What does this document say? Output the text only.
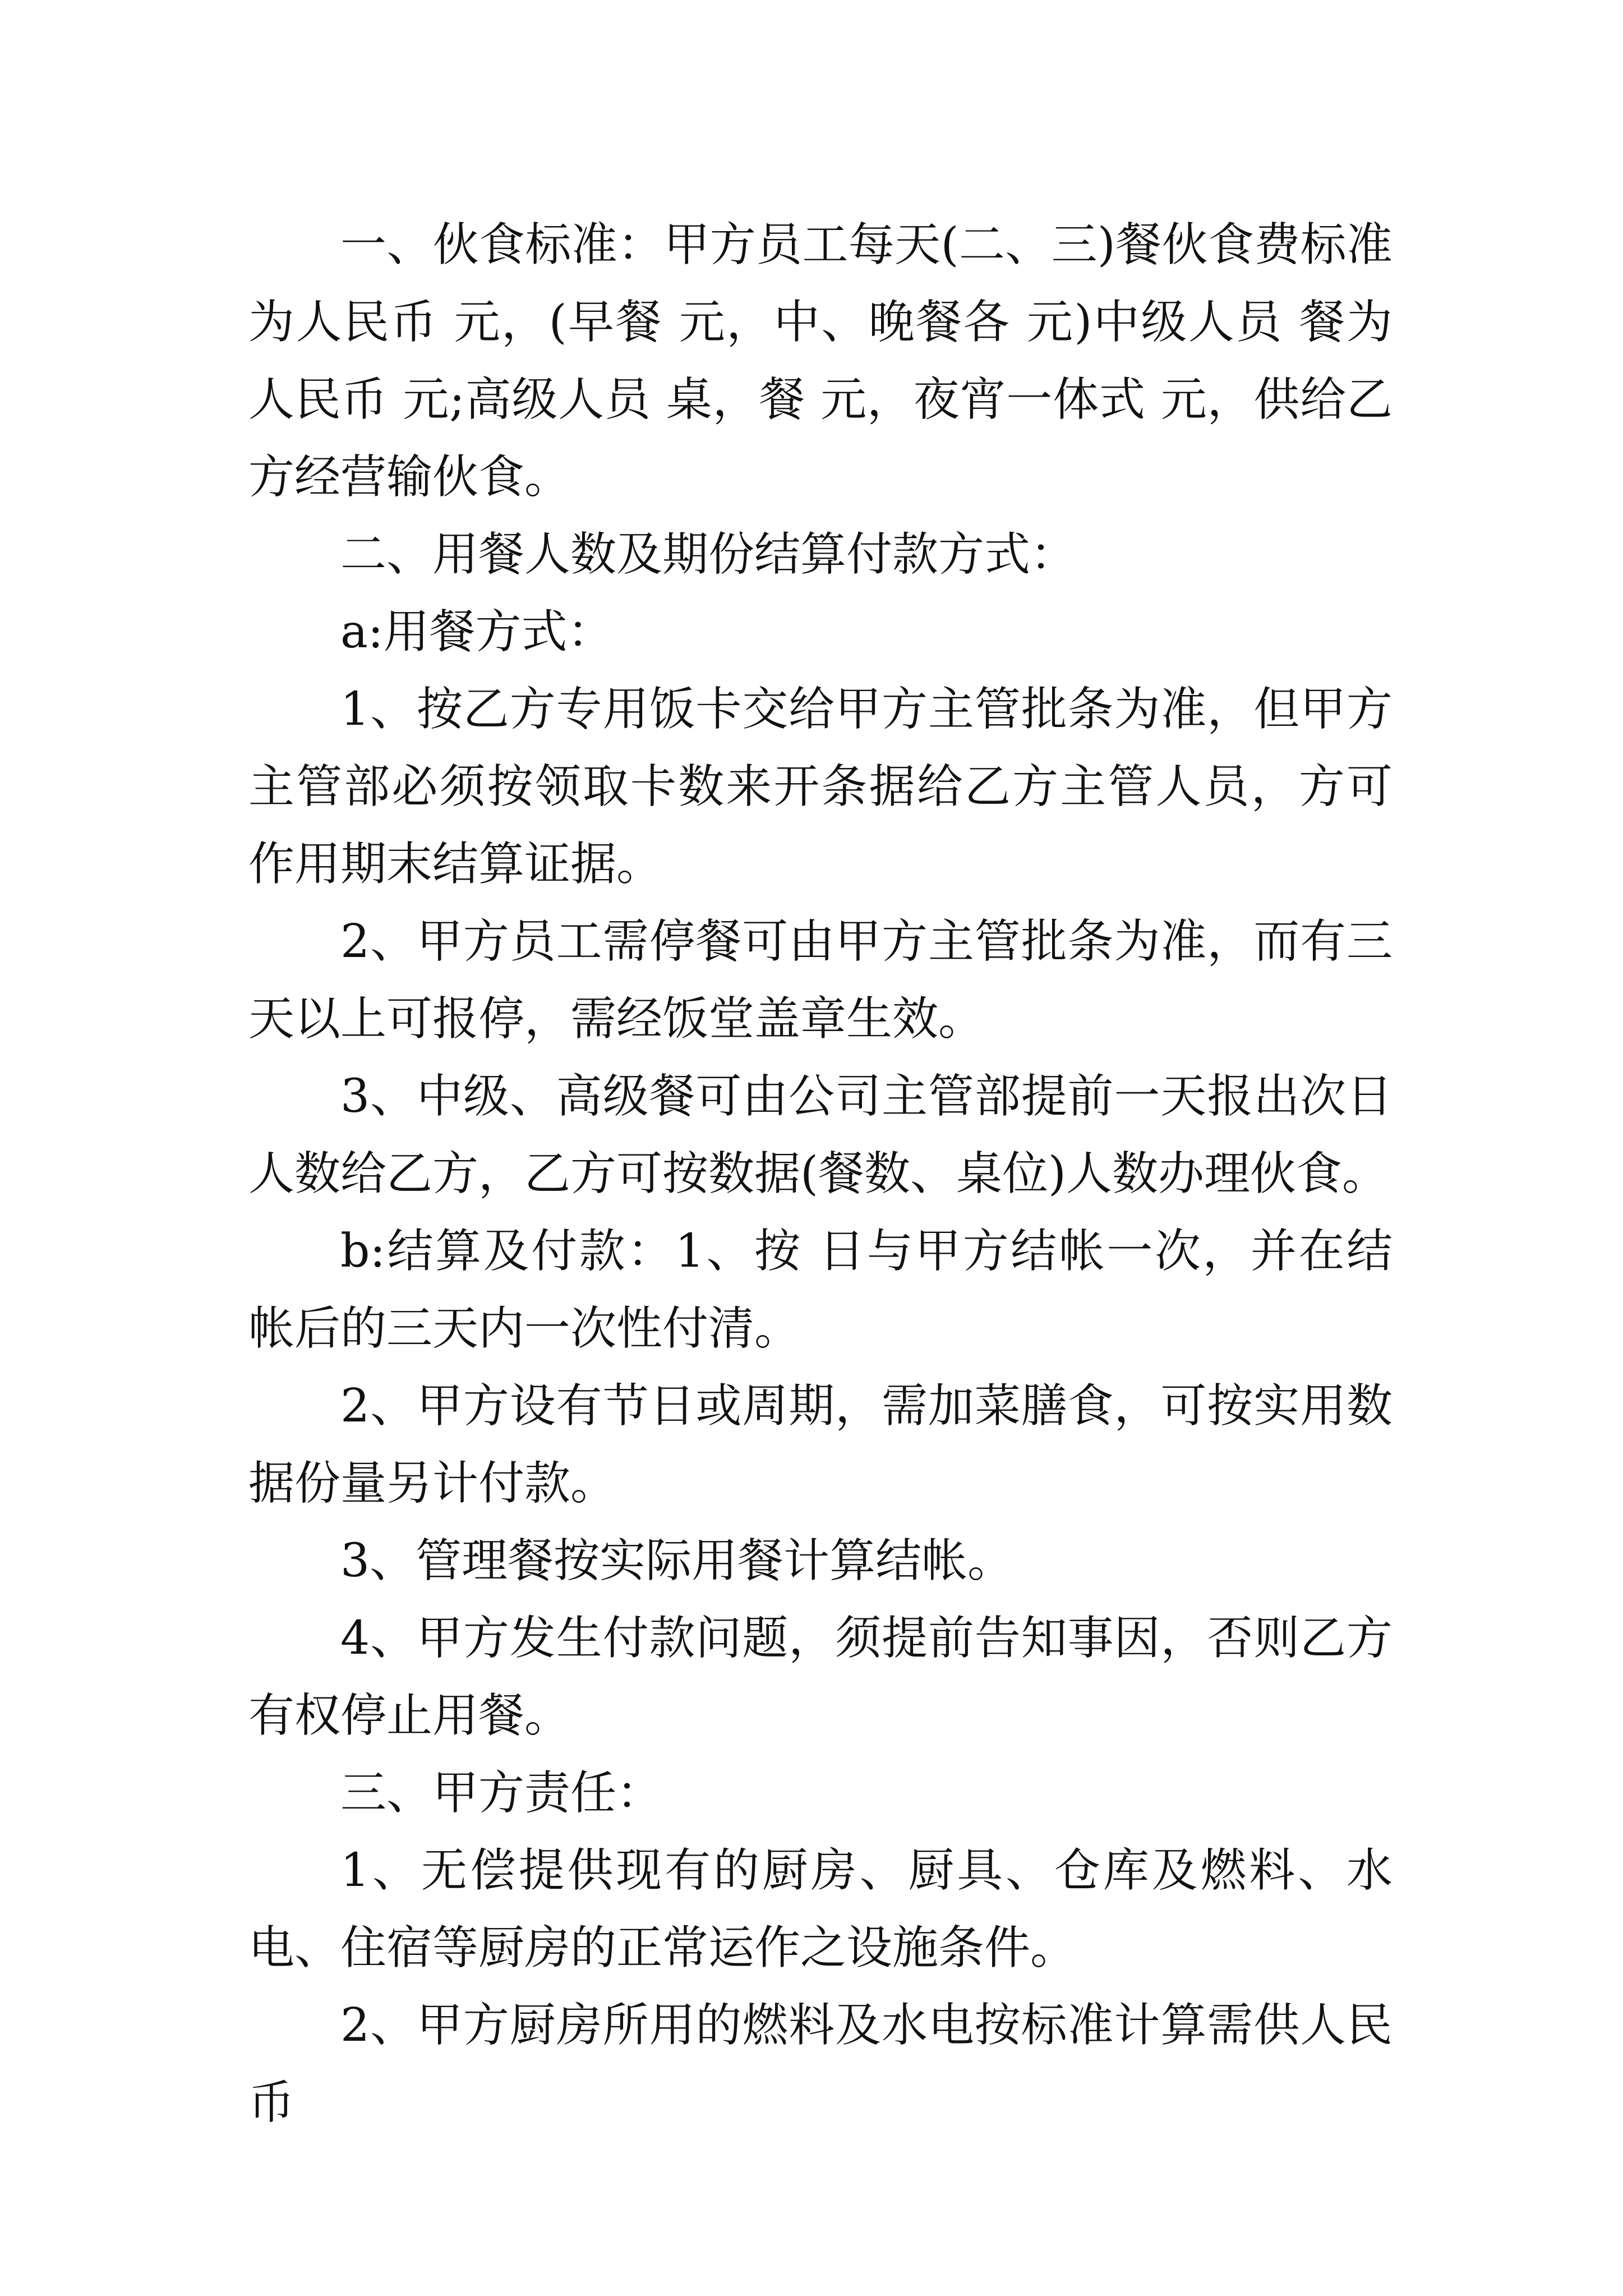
一、伙食标准：甲方员工每天(二、三)餐伙食费标准为人民币 元，(早餐 元，中、晚餐各 元)中级人员 餐为人民币 元;高级人员 桌，餐 元，夜宵一体式 元，供给乙方经营输伙食。

二、用餐人数及期份结算付款方式：

a:用餐方式：

1、按乙方专用饭卡交给甲方主管批条为准，但甲方主管部必须按领取卡数来开条据给乙方主管人员，方可作用期末结算证据。

2、甲方员工需停餐可由甲方主管批条为准，而有三天以上可报停，需经饭堂盖章生效。

3、中级、高级餐可由公司主管部提前一天报出次日人数给乙方，乙方可按数据(餐数、桌位)人数办理伙食。

b:结算及付款：1、按 日与甲方结帐一次，并在结帐后的三天内一次性付清。

2、甲方设有节日或周期，需加菜膳食，可按实用数据份量另计付款。

3、管理餐按实际用餐计算结帐。

4、甲方发生付款问题，须提前告知事因，否则乙方有权停止用餐。

三、甲方责任：

1、无偿提供现有的厨房、厨具、仓库及燃料、水电、住宿等厨房的正常运作之设施条件。

2、甲方厨房所用的燃料及水电按标准计算需供人民币
